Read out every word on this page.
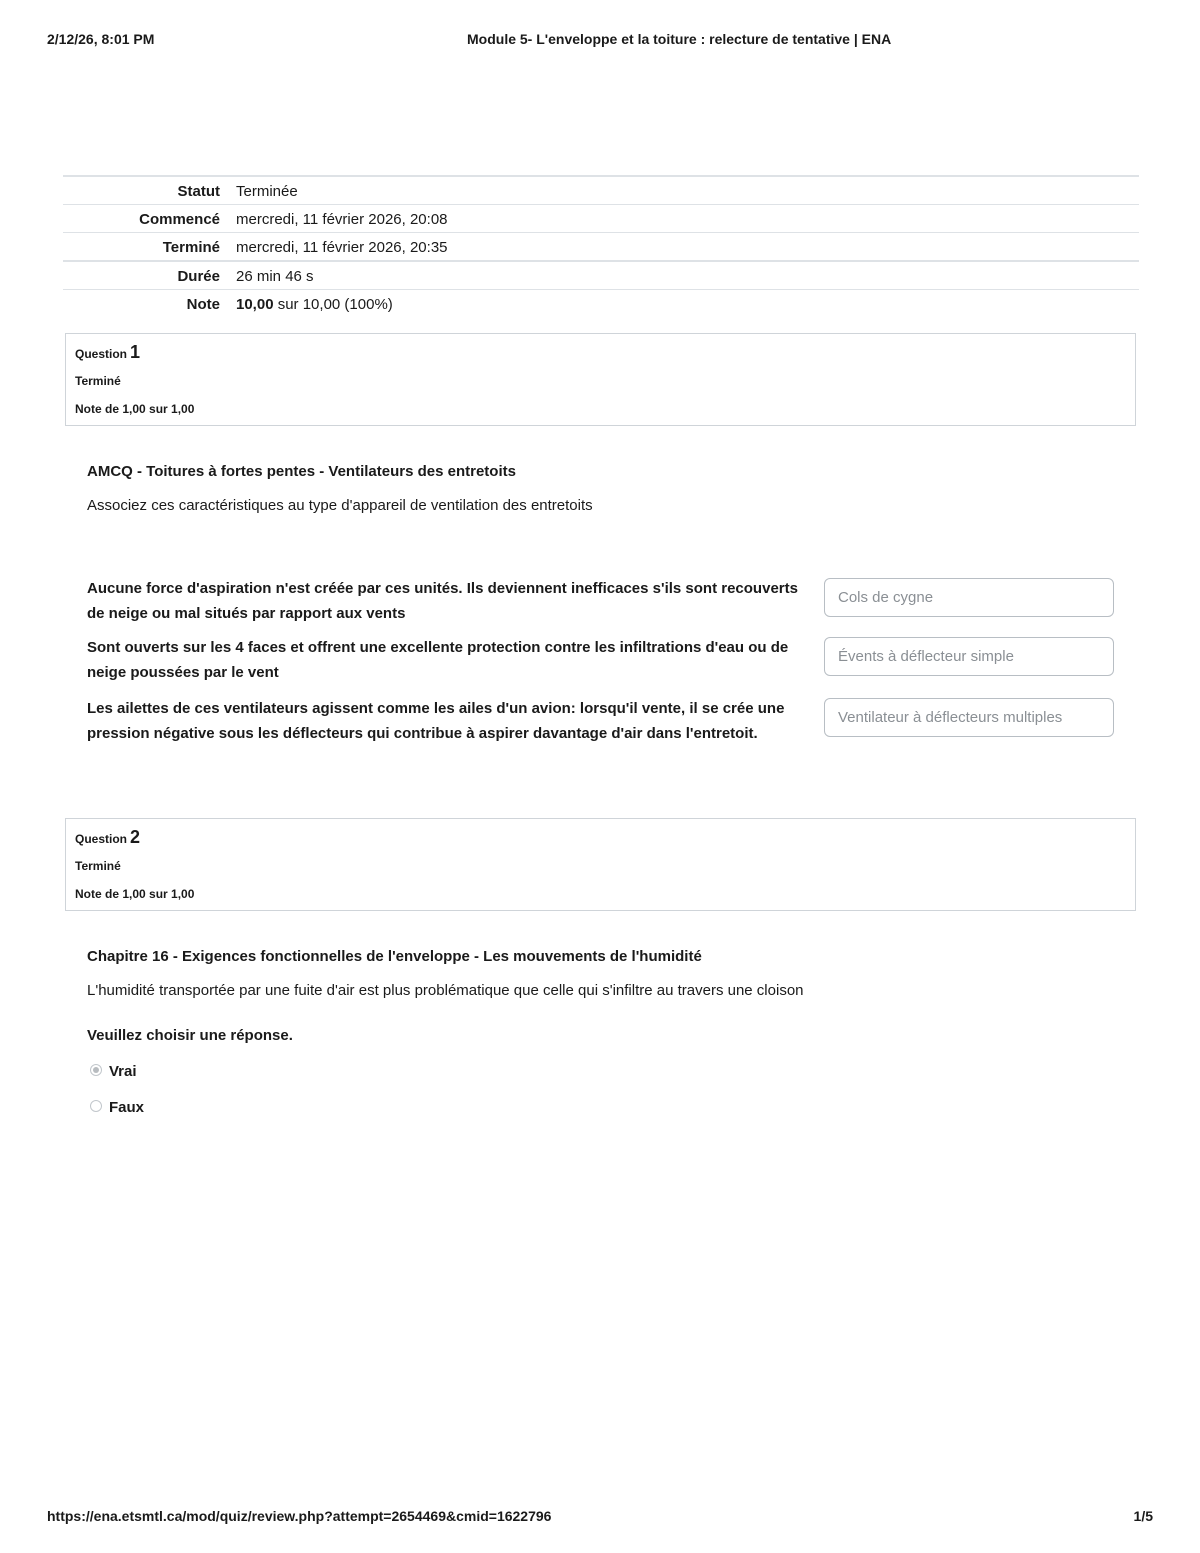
2/12/26, 8:01 PM	Module 5- L'enveloppe et la toiture : relecture de tentative | ENA
Statut	Terminée
Commencé	mercredi, 11 février 2026, 20:08
Terminé	mercredi, 11 février 2026, 20:35
Durée	26 min 46 s
Note	10,00 sur 10,00 (100%)
Question 1
Terminé
Note de 1,00 sur 1,00
AMCQ - Toitures à fortes pentes - Ventilateurs des entretoits
Associez ces caractéristiques au type d'appareil de ventilation des entretoits
Aucune force d'aspiration n'est créée par ces unités. Ils deviennent inefficaces s'ils sont recouverts de neige ou mal situés par rapport aux vents
Cols de cygne
Sont ouverts sur les 4 faces et offrent une excellente protection contre les infiltrations d'eau ou de neige poussées par le vent
Évents à déflecteur simple
Les ailettes de ces ventilateurs agissent comme les ailes d'un avion: lorsqu'il vente, il se crée une pression négative sous les déflecteurs qui contribue à aspirer davantage d'air dans l'entretoit.
Ventilateur à déflecteurs multiples
Question 2
Terminé
Note de 1,00 sur 1,00
Chapitre 16 - Exigences fonctionnelles de l'enveloppe - Les mouvements de l'humidité
L'humidité transportée par une fuite d'air est plus problématique que celle qui s'infiltre au travers une cloison
Veuillez choisir une réponse.
Vrai
Faux
https://ena.etsmtl.ca/mod/quiz/review.php?attempt=2654469&cmid=1622796	1/5
